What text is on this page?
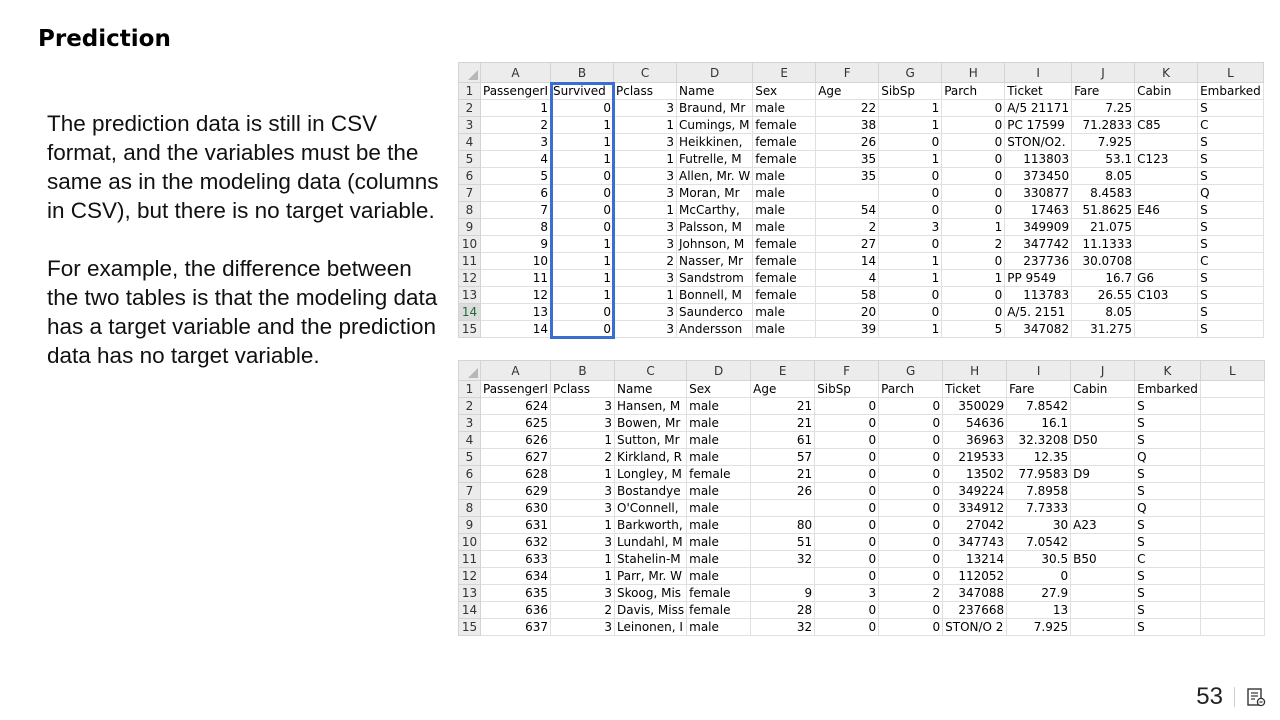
Prediction

The prediction data is still in CSV format, and the variables must be the same as in the modeling data (columns in CSV), but there is no target variable.

For example, the difference between the two tables is that the modeling data has a target variable and the prediction data has no target variable.

	A	B	C	D	E	F	G	H	I	J	K	L
1	PassengerI	Survived	Pclass	Name	Sex	Age	SibSp	Parch	Ticket	Fare	Cabin	Embarked
2	1	0	3	Braund, Mr	male	22	1	0	A/5 21171	7.25		S
3	2	1	1	Cumings, M	female	38	1	0	PC 17599	71.2833	C85	C
4	3	1	3	Heikkinen,	female	26	0	0	STON/O2.	7.925		S
5	4	1	1	Futrelle, M	female	35	1	0	113803	53.1	C123	S
6	5	0	3	Allen, Mr. W	male	35	0	0	373450	8.05		S
7	6	0	3	Moran, Mr	male		0	0	330877	8.4583		Q
8	7	0	1	McCarthy,	male	54	0	0	17463	51.8625	E46	S
9	8	0	3	Palsson, M	male	2	3	1	349909	21.075		S
10	9	1	3	Johnson, M	female	27	0	2	347742	11.1333		S
11	10	1	2	Nasser, Mr	female	14	1	0	237736	30.0708		C
12	11	1	3	Sandstrom	female	4	1	1	PP 9549	16.7	G6	S
13	12	1	1	Bonnell, M	female	58	0	0	113783	26.55	C103	S
14	13	0	3	Saunderco	male	20	0	0	A/5. 2151	8.05		S
15	14	0	3	Andersson	male	39	1	5	347082	31.275		S
	A	B	C	D	E	F	G	H	I	J	K	L
1	PassengerI	Pclass	Name	Sex	Age	SibSp	Parch	Ticket	Fare	Cabin	Embarked	
2	624	3	Hansen, M	male	21	0	0	350029	7.8542		S	
3	625	3	Bowen, Mr	male	21	0	0	54636	16.1		S	
4	626	1	Sutton, Mr	male	61	0	0	36963	32.3208	D50	S	
5	627	2	Kirkland, R	male	57	0	0	219533	12.35		Q	
6	628	1	Longley, M	female	21	0	0	13502	77.9583	D9	S	
7	629	3	Bostandye	male	26	0	0	349224	7.8958		S	
8	630	3	O'Connell,	male		0	0	334912	7.7333		Q	
9	631	1	Barkworth,	male	80	0	0	27042	30	A23	S	
10	632	3	Lundahl, M	male	51	0	0	347743	7.0542		S	
11	633	1	Stahelin-M	male	32	0	0	13214	30.5	B50	C	
12	634	1	Parr, Mr. W	male		0	0	112052	0		S	
13	635	3	Skoog, Mis	female	9	3	2	347088	27.9		S	
14	636	2	Davis, Miss	female	28	0	0	237668	13		S	
15	637	3	Leinonen, I	male	32	0	0	STON/O 2	7.925		S	
53
